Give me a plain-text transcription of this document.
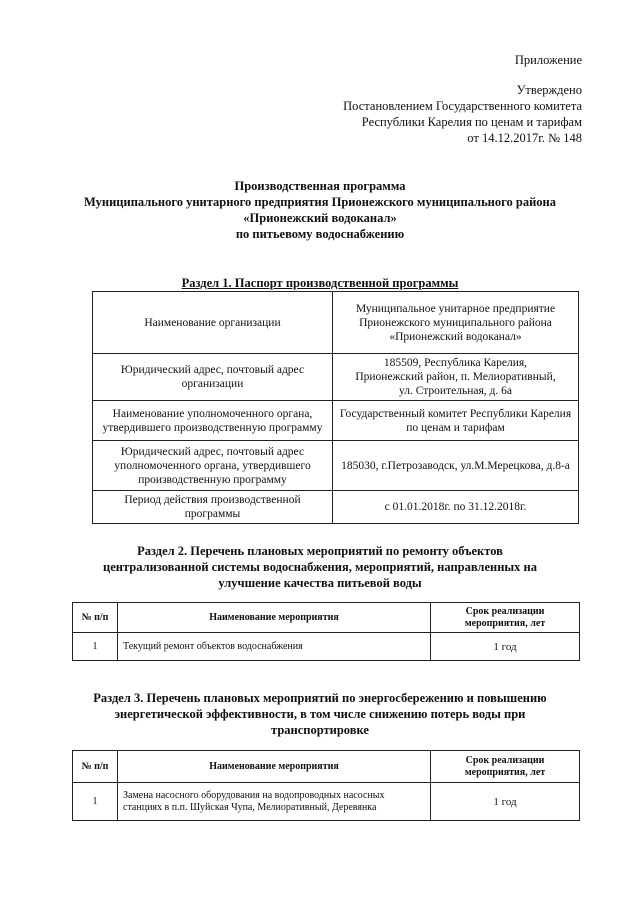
Приложение
Утверждено
Постановлением Государственного комитета
Республики Карелия по ценам и тарифам
от 14.12.2017г. № 148
Производственная программа
Муниципального унитарного предприятия Прионежского муниципального района
«Прионежский водоканал»
по питьевому водоснабжению
Раздел 1. Паспорт производственной программы
Наименование организации	Муниципальное унитарное предприятие
Прионежского муниципального района
«Прионежский водоканал»

Юридический адрес, почтовый адрес организации	185509, Республика Карелия,
Прионежский район, п. Мелиоративный,
ул. Строительная, д. 6а

Наименование уполномоченного органа, утвердившего производственную программу	Государственный комитет Республики Карелия
по ценам и тарифам

Юридический адрес, почтовый адрес уполномоченного органа, утвердившего производственную программу	185030, г.Петрозаводск, ул.М.Мерецкова, д.8-а

Период действия производственной программы	с 01.01.2018г. по 31.12.2018г.
Раздел 2. Перечень плановых мероприятий по ремонту объектов
централизованной системы водоснабжения, мероприятий, направленных на
улучшение качества питьевой воды
№ п/п	Наименование мероприятия	Срок реализации мероприятия, лет
1	Текущий ремонт объектов водоснабжения	1 год
Раздел 3. Перечень плановых мероприятий по энергосбережению и повышению
энергетической эффективности, в том числе снижению потерь воды при
транспортировке
№ п/п	Наименование мероприятия	Срок реализации мероприятия, лет
1	Замена насосного оборудования на водопроводных насосных
станциях в п.п. Шуйская Чупа, Мелиоративный, Деревянка	1 год
